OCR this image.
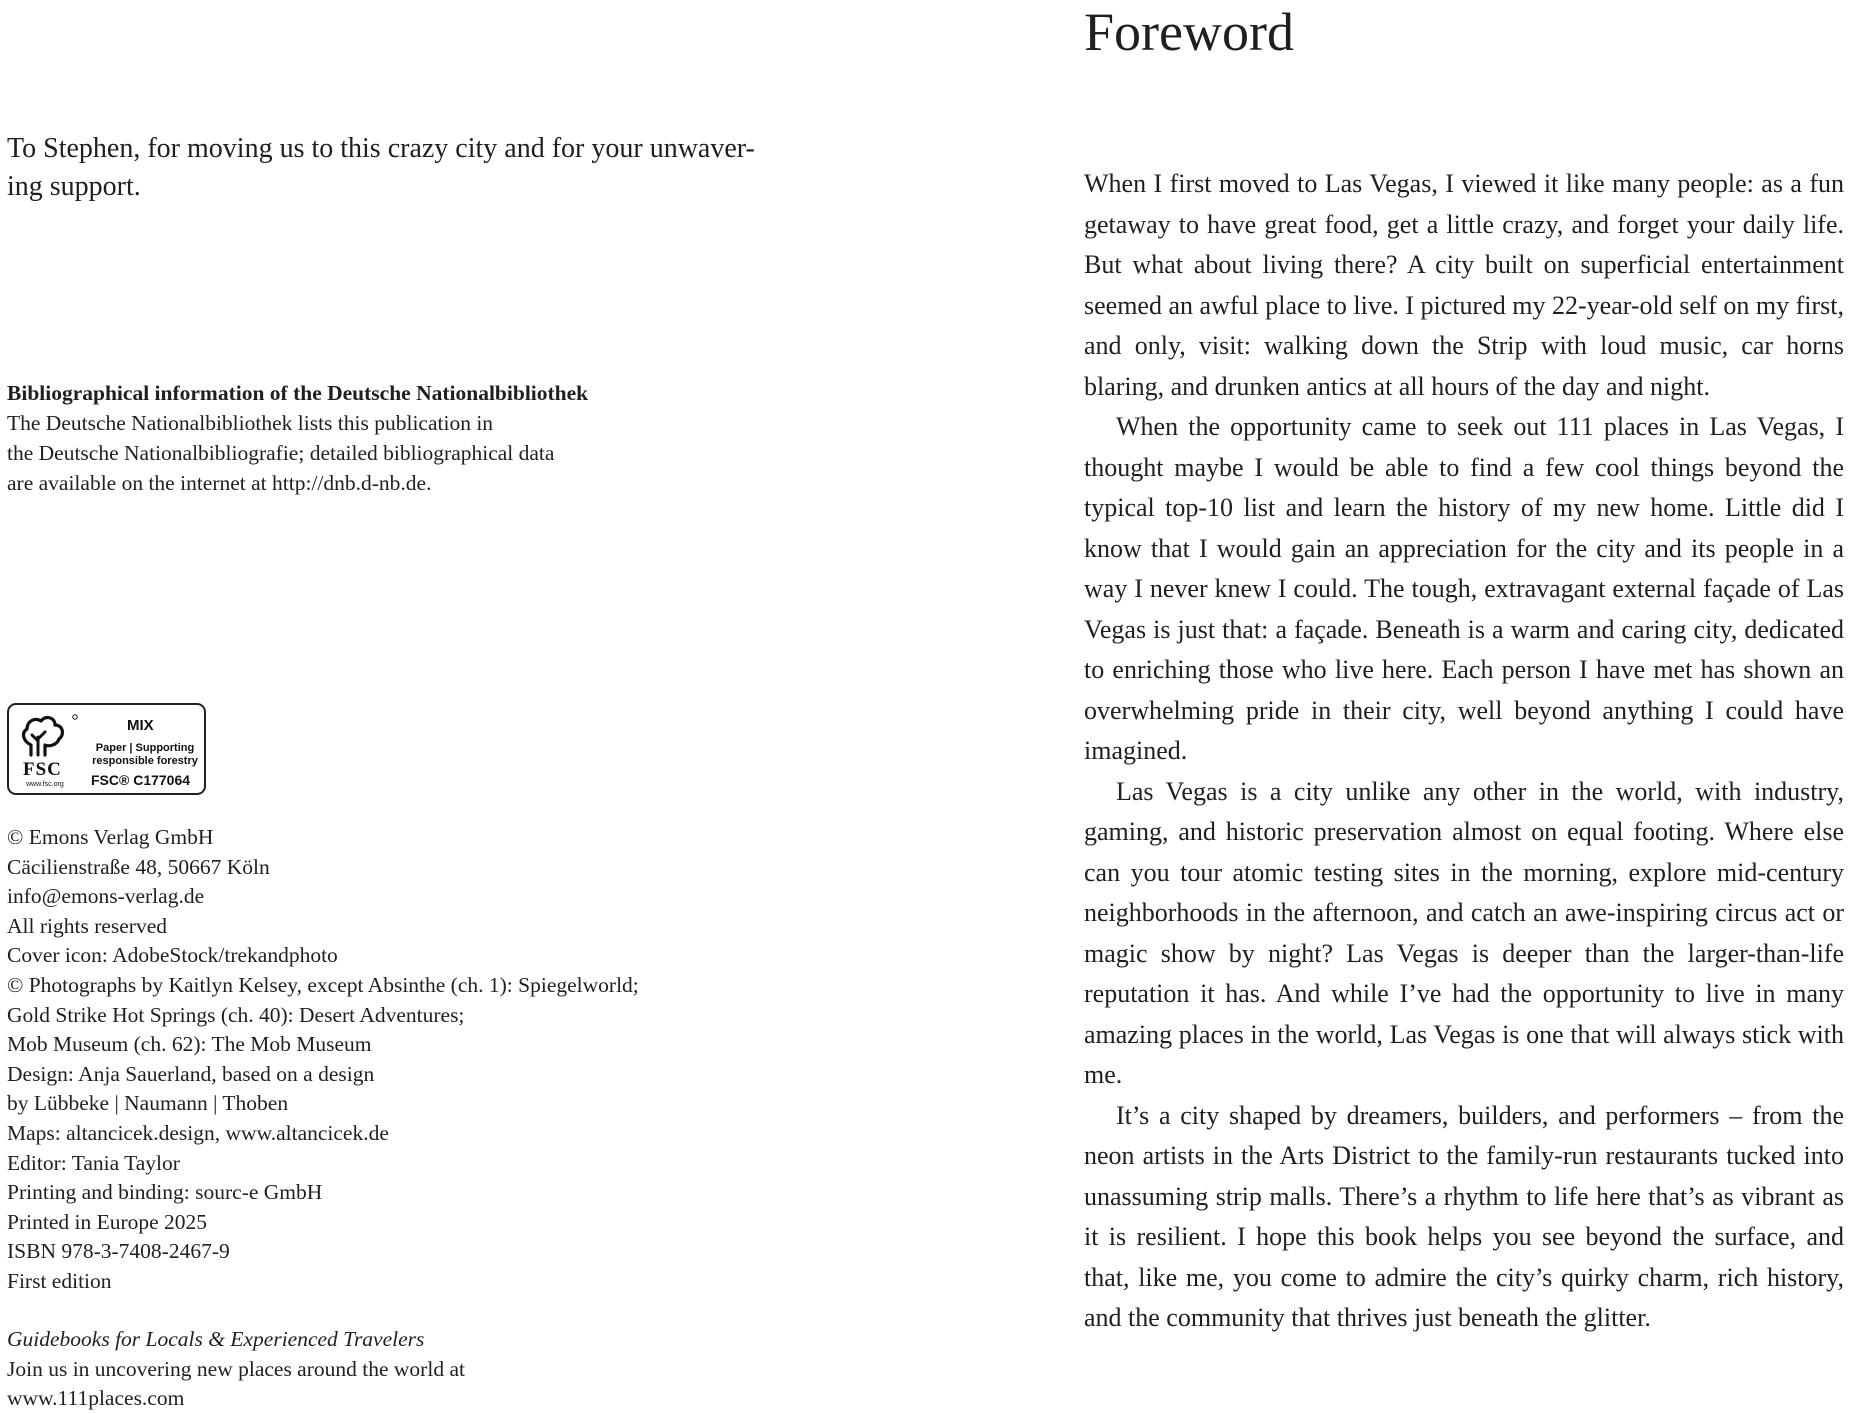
To Stephen, for moving us to this crazy city and for your unwaver-
ing support.

Bibliographical information of the Deutsche Nationalbibliothek
The Deutsche Nationalbibliothek lists this publication in
the Deutsche Nationalbibliografie; detailed bibliographical data
are available on the internet at http://dnb.d-nb.de.
MIX
Paper | Supporting responsible forestry
FSC® C177064
FSC
www.fsc.org
© Emons Verlag GmbH
Cäcilienstraße 48, 50667 Köln
info@emons-verlag.de
All rights reserved
Cover icon: AdobeStock/trekandphoto
© Photographs by Kaitlyn Kelsey, except Absinthe (ch. 1): Spiegelworld;
Gold Strike Hot Springs (ch. 40): Desert Adventures;
Mob Museum (ch. 62): The Mob Museum
Design: Anja Sauerland, based on a design
by Lübbeke | Naumann | Thoben
Maps: altancicek.design, www.altancicek.de
Editor: Tania Taylor
Printing and binding: sourc-e GmbH
Printed in Europe 2025
ISBN 978-3-7408-2467-9
First edition
Guidebooks for Locals & Experienced Travelers
Join us in uncovering new places around the world at
www.111places.com
Foreword

When I first moved to Las Vegas, I viewed it like many people: as a fun getaway to have great food, get a little crazy, and forget your daily life. But what about living there? A city built on superficial entertainment seemed an awful place to live. I pictured my 22-year-old self on my first, and only, visit: walking down the Strip with loud music, car horns blaring, and drunken antics at all hours of the day and night.

When the opportunity came to seek out 111 places in Las Vegas, I thought maybe I would be able to find a few cool things beyond the typical top-10 list and learn the history of my new home. Little did I know that I would gain an appreciation for the city and its people in a way I never knew I could. The tough, extravagant external façade of Las Vegas is just that: a façade. Beneath is a warm and caring city, dedicated to enriching those who live here. Each person I have met has shown an overwhelming pride in their city, well beyond anything I could have imagined.

Las Vegas is a city unlike any other in the world, with industry, gaming, and historic preservation almost on equal footing. Where else can you tour atomic testing sites in the morning, explore mid-century neighborhoods in the afternoon, and catch an awe-inspiring circus act or magic show by night? Las Vegas is deeper than the larger-than-life reputation it has. And while I’ve had the opportunity to live in many amazing places in the world, Las Vegas is one that will always stick with me.

It’s a city shaped by dreamers, builders, and performers – from the neon artists in the Arts District to the family-run restaurants tucked into unassuming strip malls. There’s a rhythm to life here that’s as vibrant as it is resilient. I hope this book helps you see beyond the surface, and that, like me, you come to admire the city’s quirky charm, rich history, and the community that thrives just beneath the glitter.
